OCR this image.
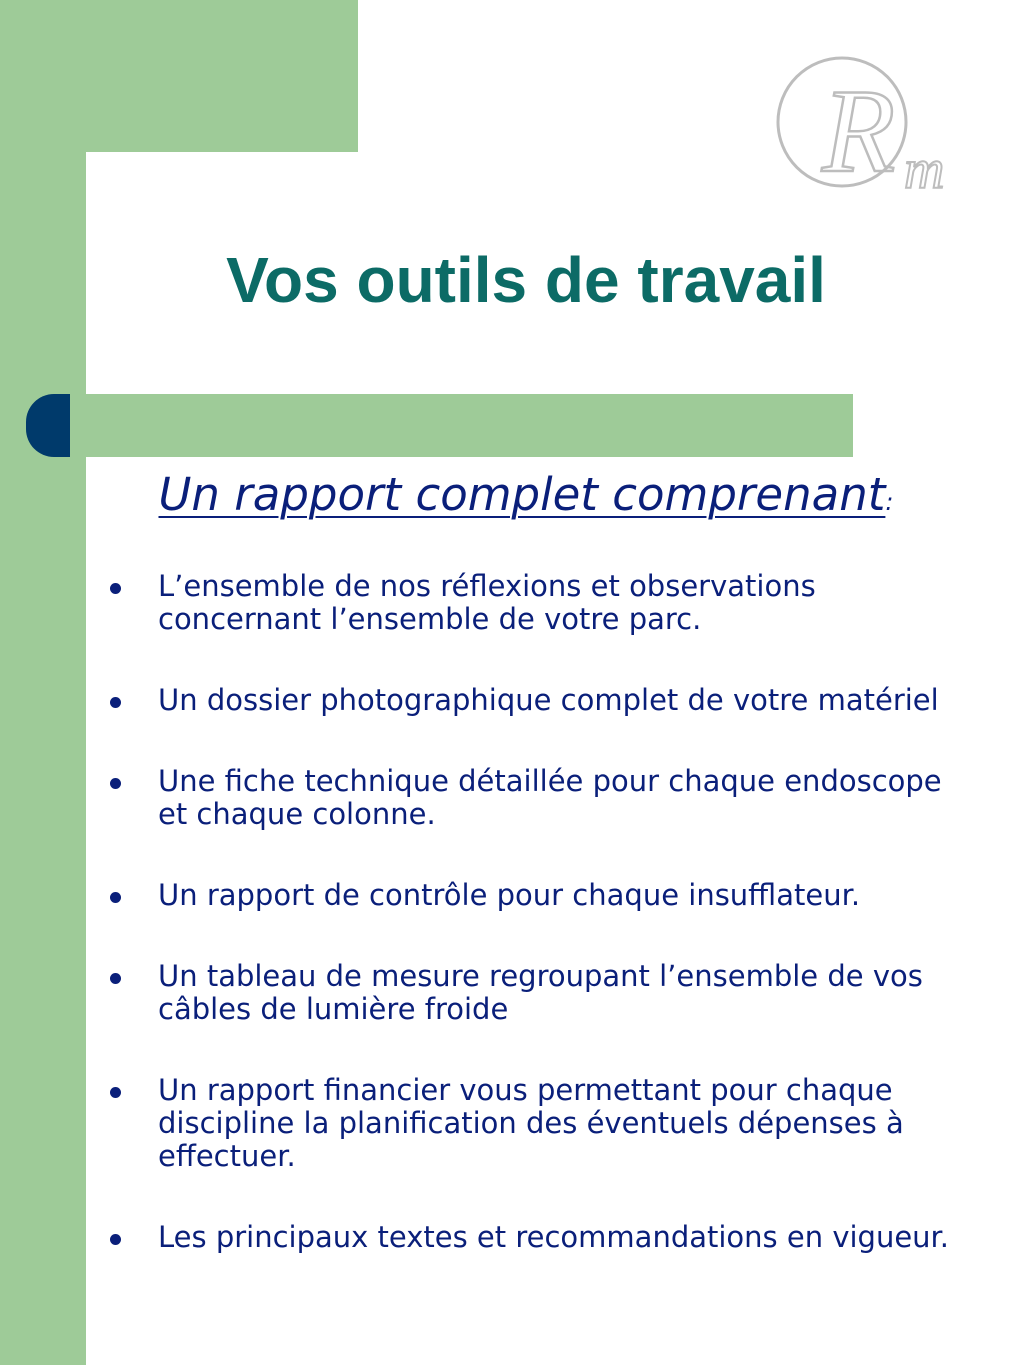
R m
Vos outils de travail

Un rapport complet comprenant:

L’ensemble de nos réflexions et observations concernant l’ensemble de votre parc.
Un dossier photographique complet de votre matériel
Une fiche technique détaillée pour chaque endoscope et chaque colonne.
Un rapport de contrôle pour chaque insufflateur.
Un tableau de mesure regroupant l’ensemble de vos câbles de lumière froide
Un rapport financier vous permettant pour chaque discipline la planification des éventuels dépenses à effectuer.
Les principaux textes et recommandations en vigueur.
